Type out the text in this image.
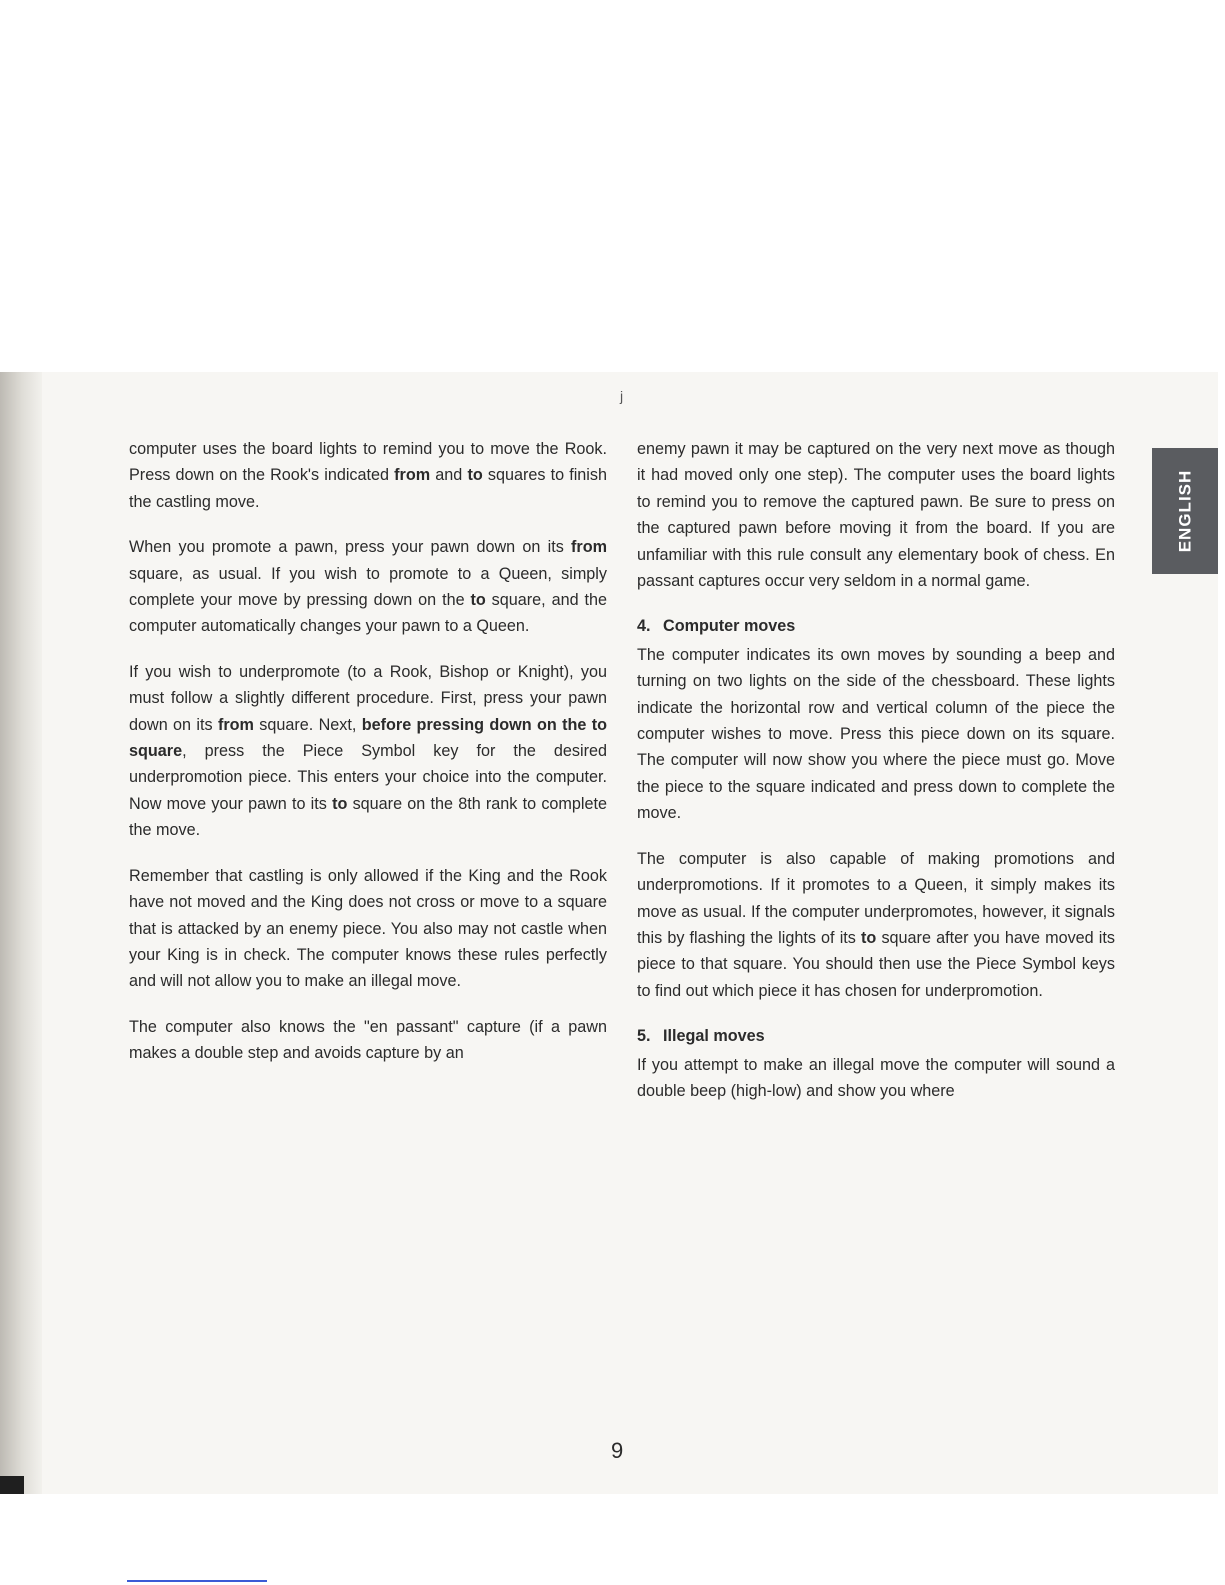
j

computer uses the board lights to remind you to move the Rook. Press down on the Rook's indicated from and to squares to finish the castling move.

When you promote a pawn, press your pawn down on its from square, as usual. If you wish to promote to a Queen, simply complete your move by pressing down on the to square, and the computer automatically changes your pawn to a Queen.

If you wish to underpromote (to a Rook, Bishop or Knight), you must follow a slightly different procedure. First, press your pawn down on its from square. Next, before pressing down on the to square, press the Piece Symbol key for the desired underpromotion piece. This enters your choice into the computer. Now move your pawn to its to square on the 8th rank to complete the move.

Remember that castling is only allowed if the King and the Rook have not moved and the King does not cross or move to a square that is attacked by an enemy piece. You also may not castle when your King is in check. The computer knows these rules perfectly and will not allow you to make an illegal move.

The computer also knows the "en passant" capture (if a pawn makes a double step and avoids capture by an

enemy pawn it may be captured on the very next move as though it had moved only one step). The computer uses the board lights to remind you to remove the captured pawn. Be sure to press on the captured pawn before moving it from the board. If you are unfamiliar with this rule consult any elementary book of chess. En passant captures occur very seldom in a normal game.

4. Computer moves

The computer indicates its own moves by sounding a beep and turning on two lights on the side of the chessboard. These lights indicate the horizontal row and vertical column of the piece the computer wishes to move. Press this piece down on its square. The computer will now show you where the piece must go. Move the piece to the square indicated and press down to complete the move.

The computer is also capable of making promotions and underpromotions. If it promotes to a Queen, it simply makes its move as usual. If the computer underpromotes, however, it signals this by flashing the lights of its to square after you have moved its piece to that square. You should then use the Piece Symbol keys to find out which piece it has chosen for underpromotion.

5. Illegal moves

If you attempt to make an illegal move the computer will sound a double beep (high-low) and show you where

ENGLISH
9
